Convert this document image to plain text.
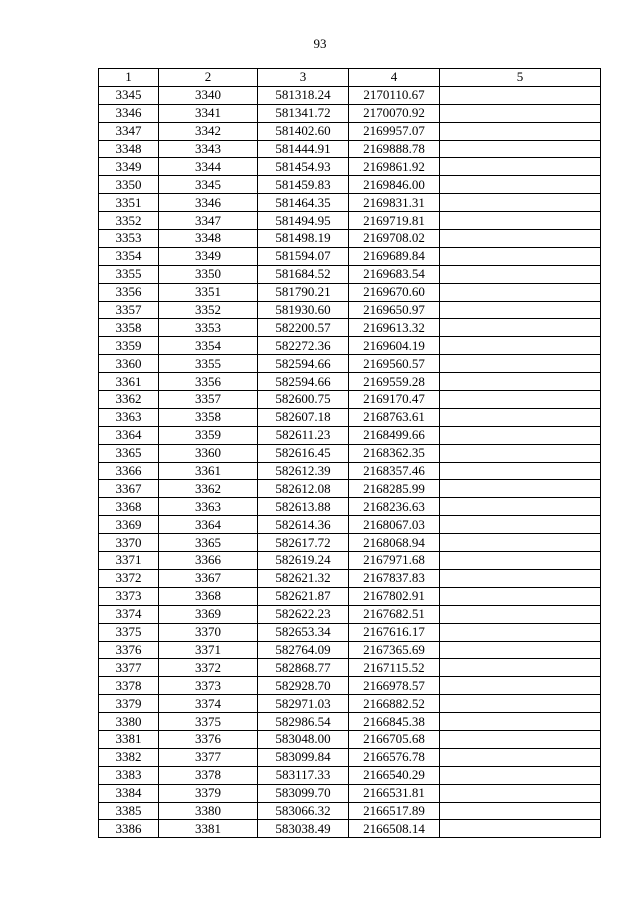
93
1	2	3	4	5
3345	3340	581318.24	2170110.67	
3346	3341	581341.72	2170070.92	
3347	3342	581402.60	2169957.07	
3348	3343	581444.91	2169888.78	
3349	3344	581454.93	2169861.92	
3350	3345	581459.83	2169846.00	
3351	3346	581464.35	2169831.31	
3352	3347	581494.95	2169719.81	
3353	3348	581498.19	2169708.02	
3354	3349	581594.07	2169689.84	
3355	3350	581684.52	2169683.54	
3356	3351	581790.21	2169670.60	
3357	3352	581930.60	2169650.97	
3358	3353	582200.57	2169613.32	
3359	3354	582272.36	2169604.19	
3360	3355	582594.66	2169560.57	
3361	3356	582594.66	2169559.28	
3362	3357	582600.75	2169170.47	
3363	3358	582607.18	2168763.61	
3364	3359	582611.23	2168499.66	
3365	3360	582616.45	2168362.35	
3366	3361	582612.39	2168357.46	
3367	3362	582612.08	2168285.99	
3368	3363	582613.88	2168236.63	
3369	3364	582614.36	2168067.03	
3370	3365	582617.72	2168068.94	
3371	3366	582619.24	2167971.68	
3372	3367	582621.32	2167837.83	
3373	3368	582621.87	2167802.91	
3374	3369	582622.23	2167682.51	
3375	3370	582653.34	2167616.17	
3376	3371	582764.09	2167365.69	
3377	3372	582868.77	2167115.52	
3378	3373	582928.70	2166978.57	
3379	3374	582971.03	2166882.52	
3380	3375	582986.54	2166845.38	
3381	3376	583048.00	2166705.68	
3382	3377	583099.84	2166576.78	
3383	3378	583117.33	2166540.29	
3384	3379	583099.70	2166531.81	
3385	3380	583066.32	2166517.89	
3386	3381	583038.49	2166508.14	
